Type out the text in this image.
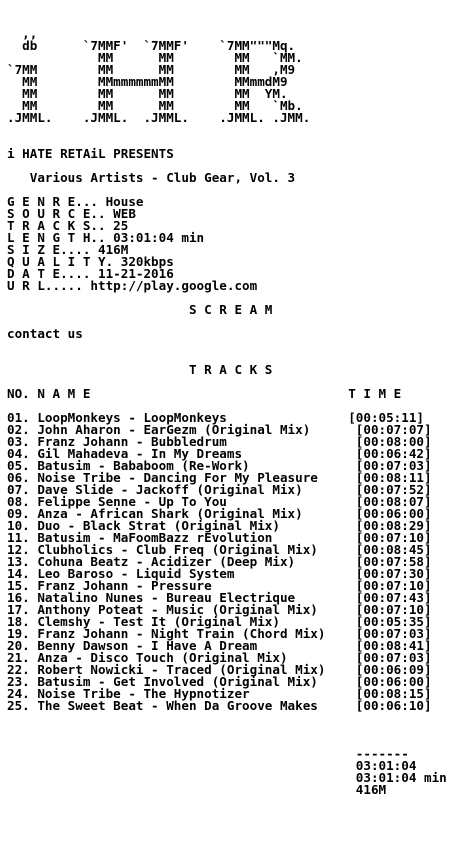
,,
db      `7MMF'  `7MMF'    `7MM"""Mq.
MM      MM        MM   `MM.
`7MM        MM      MM        MM   ,M9
MM        MMmmmmmmMM        MMmmdM9
MM        MM      MM        MM  YM.
MM        MM      MM        MM   `Mb.
.JMML.    .JMML.  .JMML.    .JMML. .JMM.

i HATE RETAiL PRESENTS

Various Artists - Club Gear, Vol. 3

G E N R E... House
S O U R C E.. WEB
T R A C K S.. 25
L E N G T H.. 03:01:04 min
S I Z E.... 416M
Q U A L I T Y. 320kbps
D A T E.... 11-21-2016
U R L..... http://play.google.com

S C R E A M

contact us

T R A C K S

NO. N A M E                                  T I M E

01. LoopMonkeys - LoopMonkeys                [00:05:11]
02. John Aharon - EarGezm (Original Mix)      [00:07:07]
03. Franz Johann - Bubbledrum                 [00:08:00]
04. Gil Mahadeva - In My Dreams               [00:06:42]
05. Batusim - Bababoom (Re-Work)              [00:07:03]
06. Noise Tribe - Dancing For My Pleasure     [00:08:11]
07. Dave Slide - Jackoff (Original Mix)       [00:07:52]
08. Felippe Senne - Up To You                 [00:08:07]
09. Anza - African Shark (Original Mix)       [00:06:00]
10. Duo - Black Strat (Original Mix)          [00:08:29]
11. Batusim - MaFoomBazz rEvolution           [00:07:10]
12. Clubholics - Club Freq (Original Mix)     [00:08:45]
13. Cohuna Beatz - Acidizer (Deep Mix)        [00:07:58]
14. Leo Baroso - Liquid System                [00:07:30]
15. Franz Johann - Pressure                   [00:07:10]
16. Natalino Nunes - Bureau Electrique        [00:07:43]
17. Anthony Poteat - Music (Original Mix)     [00:07:10]
18. Clemshy - Test It (Original Mix)          [00:05:35]
19. Franz Johann - Night Train (Chord Mix)    [00:07:03]
20. Benny Dawson - I Have A Dream             [00:08:41]
21. Anza - Disco Touch (Original Mix)         [00:07:03]
22. Robert Nowicki - Traced (Original Mix)    [00:06:09]
23. Batusim - Get Involved (Original Mix)     [00:06:00]
24. Noise Tribe - The Hypnotizer              [00:08:15]
25. The Sweet Beat - When Da Groove Makes     [00:06:10]

-------
03:01:04
03:01:04 min
416M
